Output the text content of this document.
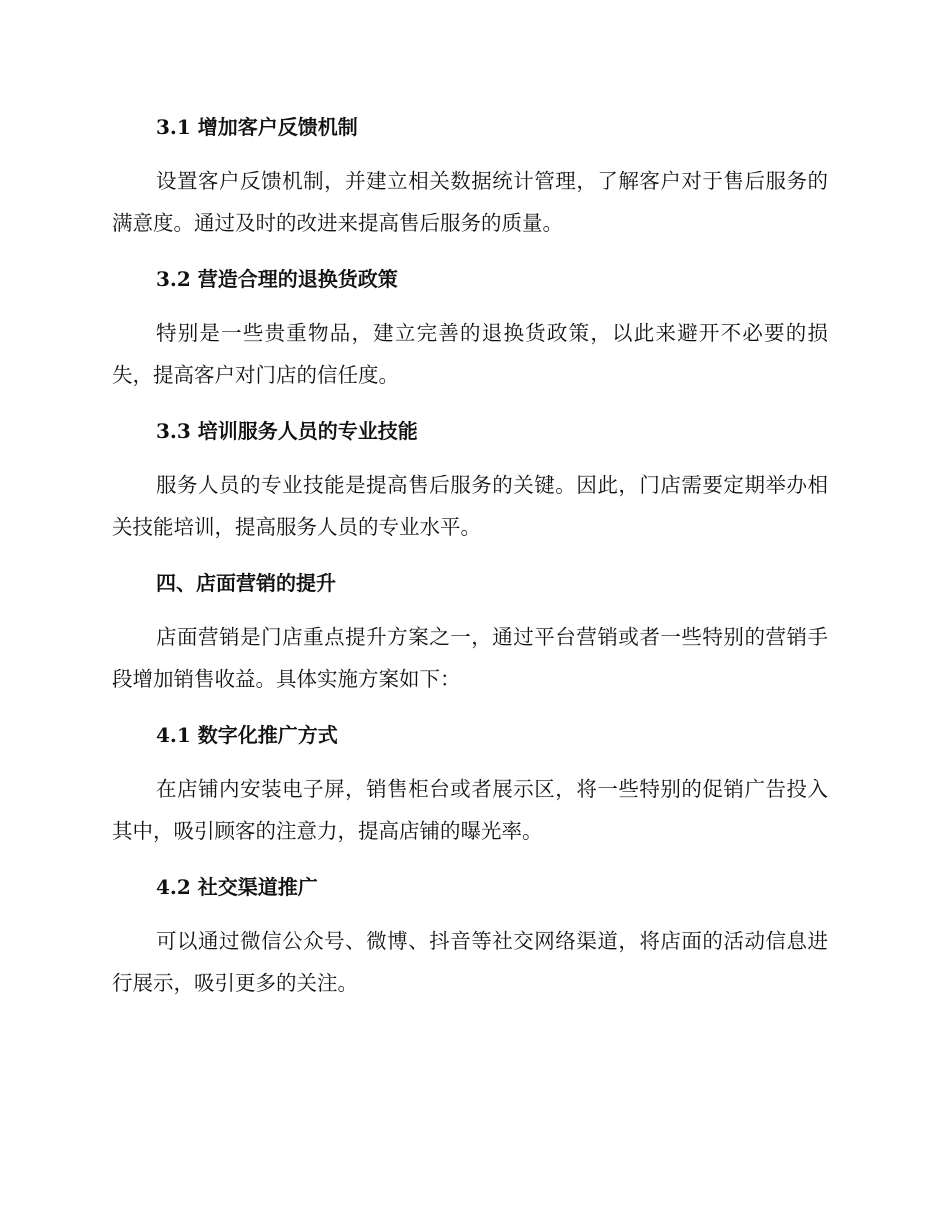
3.1 增加客户反馈机制

设置客户反馈机制，并建立相关数据统计管理，了解客户对于售后服务的满意度。通过及时的改进来提高售后服务的质量。

3.2 营造合理的退换货政策

特别是一些贵重物品，建立完善的退换货政策，以此来避开不必要的损失，提高客户对门店的信任度。

3.3 培训服务人员的专业技能

服务人员的专业技能是提高售后服务的关键。因此，门店需要定期举办相关技能培训，提高服务人员的专业水平。

四、店面营销的提升

店面营销是门店重点提升方案之一，通过平台营销或者一些特别的营销手段增加销售收益。具体实施方案如下：

4.1 数字化推广方式

在店铺内安装电子屏，销售柜台或者展示区，将一些特别的促销广告投入其中，吸引顾客的注意力，提高店铺的曝光率。

4.2 社交渠道推广

可以通过微信公众号、微博、抖音等社交网络渠道，将店面的活动信息进行展示，吸引更多的关注。
